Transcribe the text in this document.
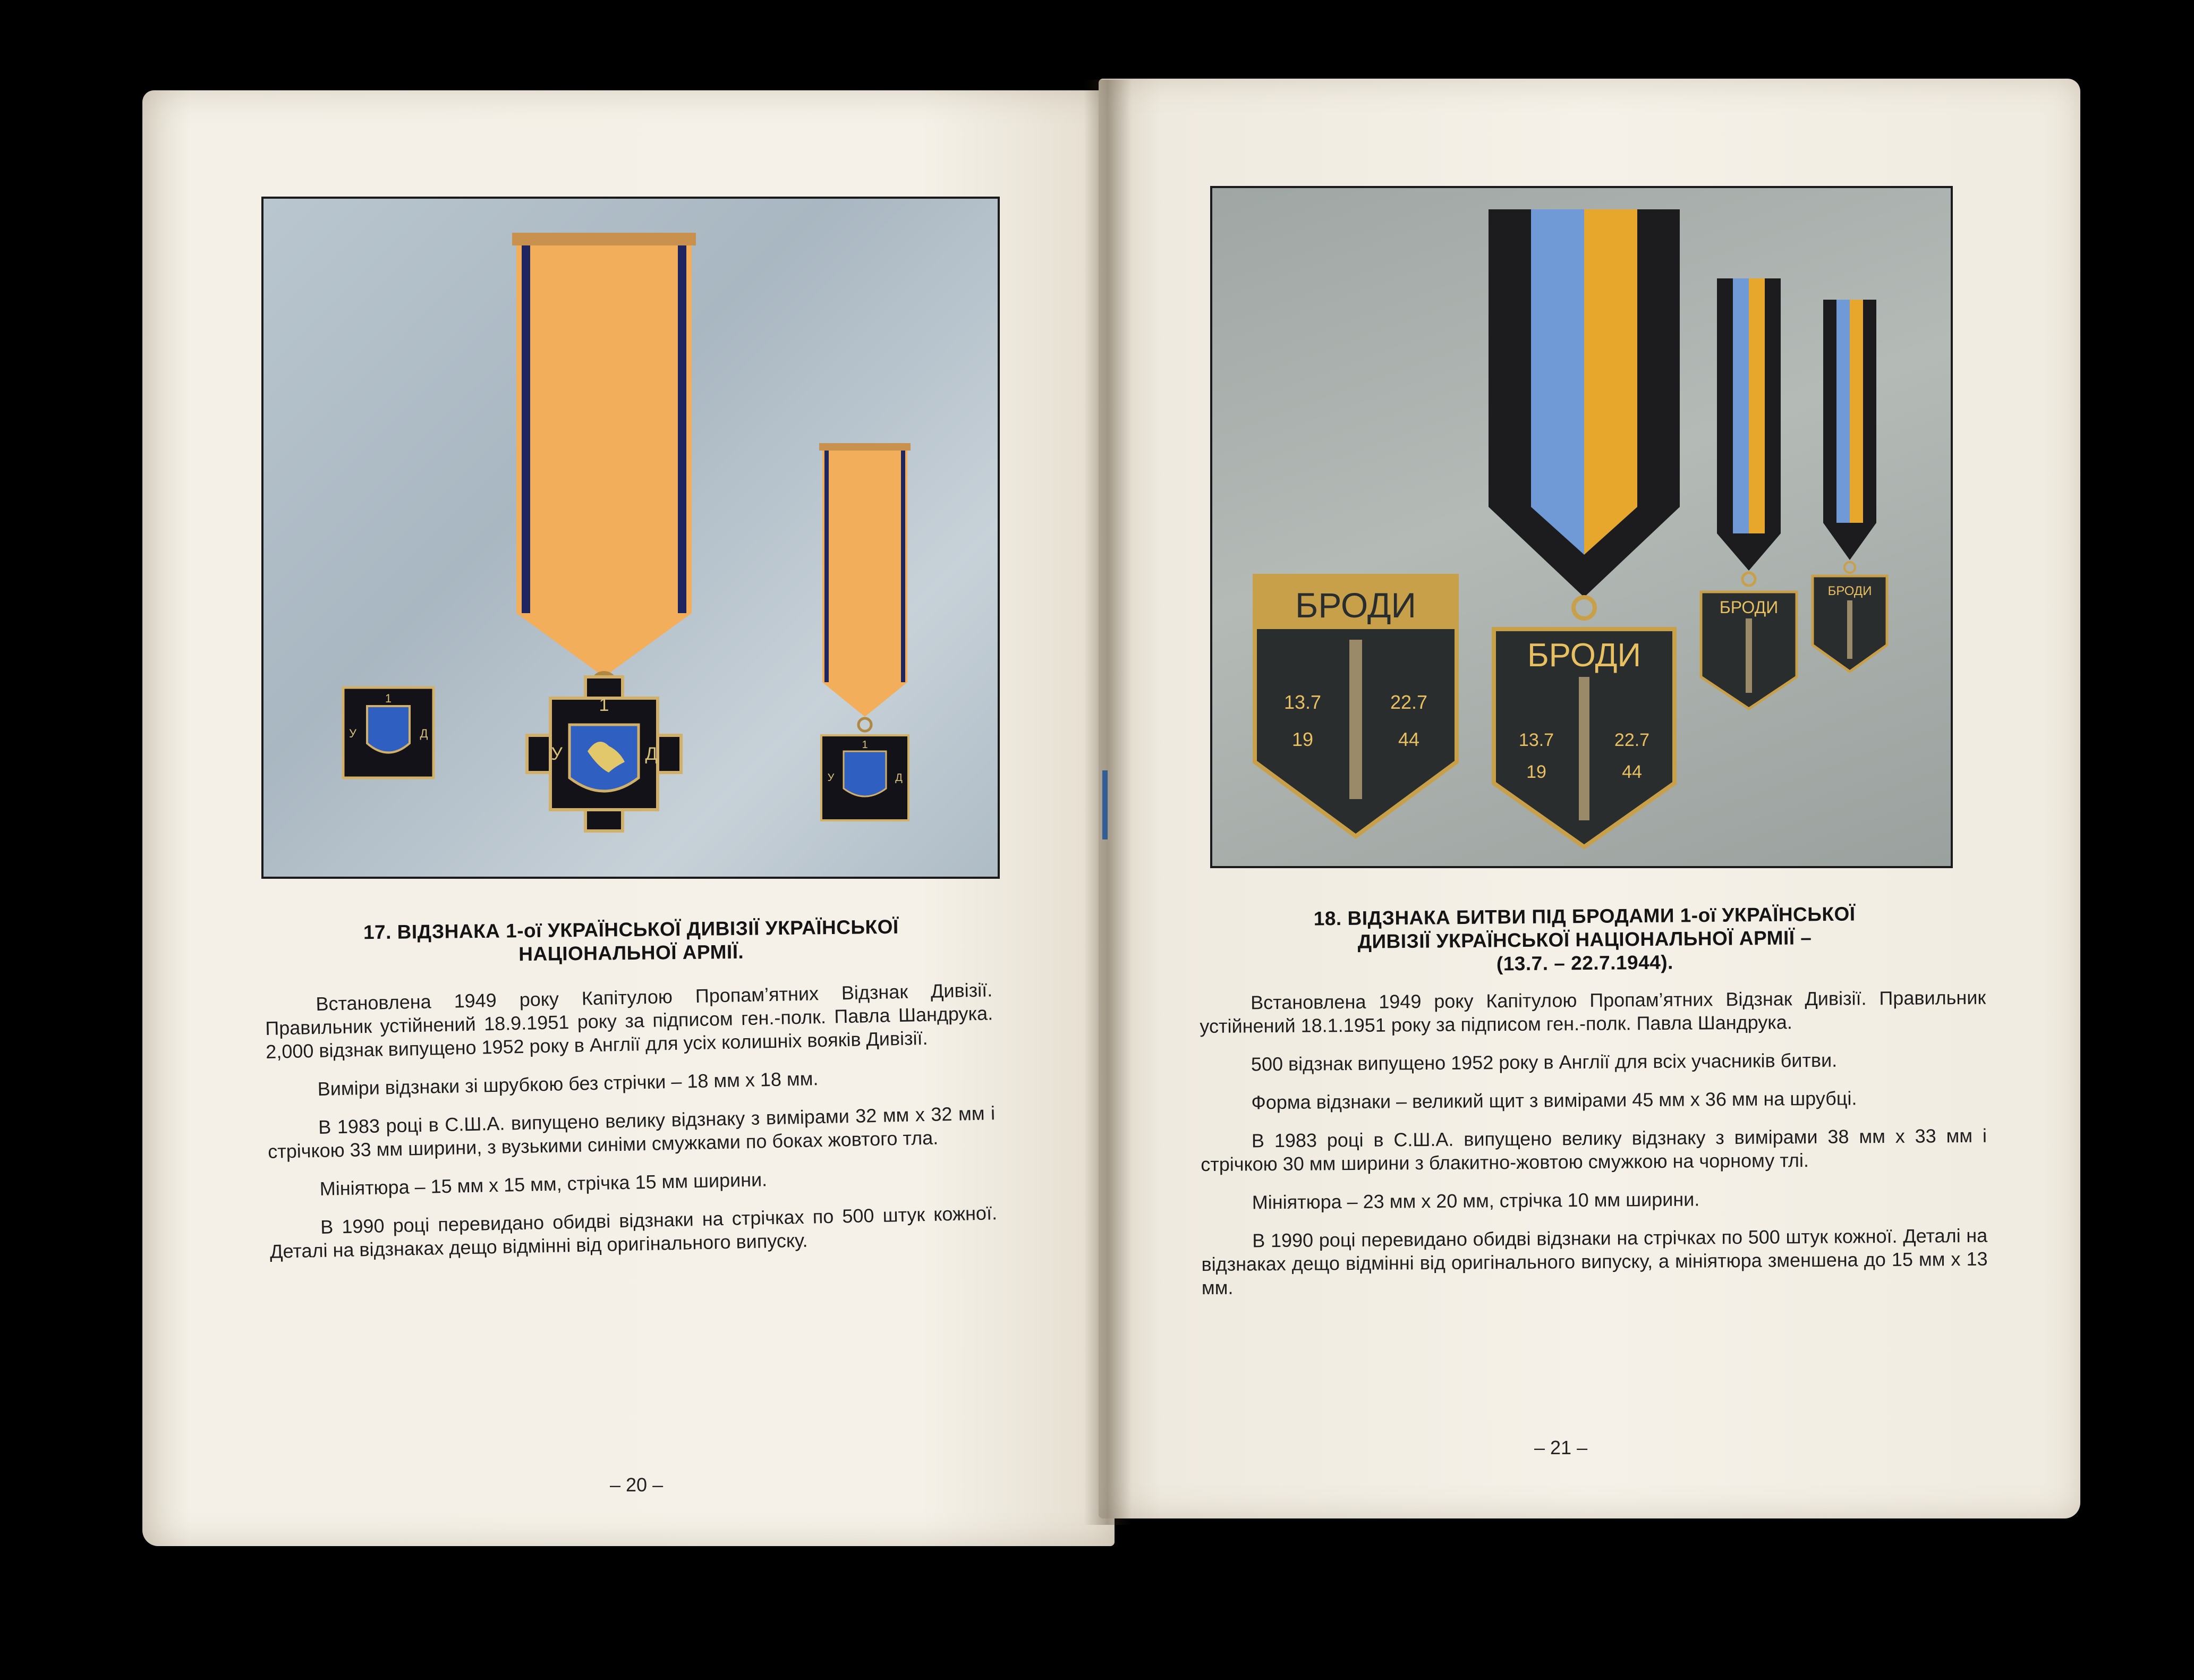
1
У	Д
1
У	Д
1
У	Д
17. ВІДЗНАКА 1-ої УКРАЇНСЬКОЇ ДИВІЗІЇ УКРАЇНСЬКОЇ
НАЦІОНАЛЬНОЇ АРМІЇ.

Встановлена 1949 року Капітулою Пропам’ятних Відзнак Дивізії. Правильник устійнений 18.9.1951 року за підписом ген.-полк. Павла Шандрука. 2,000 відзнак випущено 1952 року в Англії для усіх колишніх вояків Дивізії.

Виміри відзнаки зі шрубкою без стрічки – 18 мм х 18 мм.

В 1983 році в С.Ш.А. випущено велику відзнаку з вимірами 32 мм х 32 мм і стрічкою 33 мм ширини, з вузькими синіми смужками по боках жовтого тла.

Мініятюра – 15 мм х 15 мм, стрічка 15 мм ширини.

В 1990 році перевидано обидві відзнаки на стрічках по 500 штук кожної. Деталі на відзнаках дещо відмінні від оригінального випуску.

– 20 –
БРОДИ
13.7	22.7
19	44
БРОДИ
13.7	22.7
19	44
БРОДИ
БРОДИ
18. ВІДЗНАКА БИТВИ ПІД БРОДАМИ 1-ої УКРАЇНСЬКОЇ
ДИВІЗІЇ УКРАЇНСЬКОЇ НАЦІОНАЛЬНОЇ АРМІЇ –
(13.7. – 22.7.1944).

Встановлена 1949 року Капітулою Пропам’ятних Відзнак Дивізії. Правильник устійнений 18.1.1951 року за підписом ген.-полк. Павла Шандрука.

500 відзнак випущено 1952 року в Англії для всіх учасників битви.

Форма відзнаки – великий щит з вимірами 45 мм х 36 мм на шрубці.

В 1983 році в С.Ш.А. випущено велику відзнаку з вимірами 38 мм х 33 мм і стрічкою 30 мм ширини з блакитно-жовтою смужкою на чорному тлі.

Мініятюра – 23 мм х 20 мм, стрічка 10 мм ширини.

В 1990 році перевидано обидві відзнаки на стрічках по 500 штук кожної. Деталі на відзнаках дещо відмінні від оригінального випуску, а мініятюра зменшена до 15 мм х 13 мм.

– 21 –
